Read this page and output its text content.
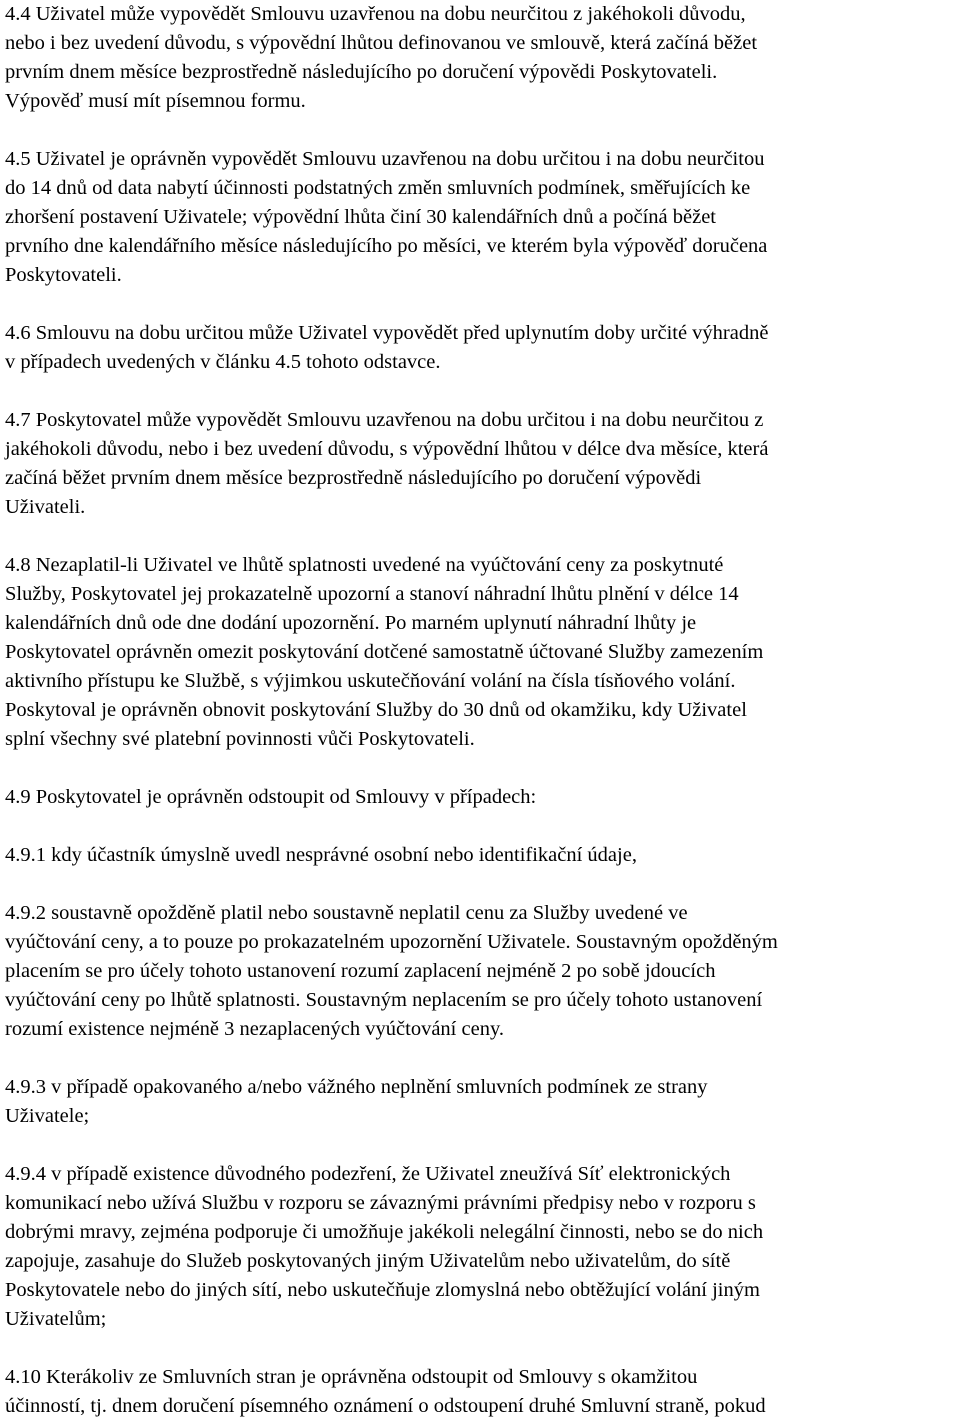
4.4 Uživatel může vypovědět Smlouvu uzavřenou na dobu neurčitou z jakéhokoli důvodu,
nebo i bez uvedení důvodu, s výpovědní lhůtou definovanou ve smlouvě, která začíná běžet
prvním dnem měsíce bezprostředně následujícího po doručení výpovědi Poskytovateli.
Výpověď musí mít písemnou formu.
4.5 Uživatel je oprávněn vypovědět Smlouvu uzavřenou na dobu určitou i na dobu neurčitou
do 14 dnů od data nabytí účinnosti podstatných změn smluvních podmínek, směřujících ke
zhoršení postavení Uživatele; výpovědní lhůta činí 30 kalendářních dnů a počíná běžet
prvního dne kalendářního měsíce následujícího po měsíci, ve kterém byla výpověď doručena
Poskytovateli.
4.6 Smlouvu na dobu určitou může Uživatel vypovědět před uplynutím doby určité výhradně
v případech uvedených v článku 4.5 tohoto odstavce.
4.7 Poskytovatel může vypovědět Smlouvu uzavřenou na dobu určitou i na dobu neurčitou z
jakéhokoli důvodu, nebo i bez uvedení důvodu, s výpovědní lhůtou v délce dva měsíce, která
začíná běžet prvním dnem měsíce bezprostředně následujícího po doručení výpovědi
Uživateli.
4.8 Nezaplatil-li Uživatel ve lhůtě splatnosti uvedené na vyúčtování ceny za poskytnuté
Služby, Poskytovatel jej prokazatelně upozorní a stanoví náhradní lhůtu plnění v délce 14
kalendářních dnů ode dne dodání upozornění. Po marném uplynutí náhradní lhůty je
Poskytovatel oprávněn omezit poskytování dotčené samostatně účtované Služby zamezením
aktivního přístupu ke Službě, s výjimkou uskutečňování volání na čísla tísňového volání.
Poskytoval je oprávněn obnovit poskytování Služby do 30 dnů od okamžiku, kdy Uživatel
splní všechny své platební povinnosti vůči Poskytovateli.
4.9 Poskytovatel je oprávněn odstoupit od Smlouvy v případech:
4.9.1 kdy účastník úmyslně uvedl nesprávné osobní nebo identifikační údaje,
4.9.2 soustavně opožděně platil nebo soustavně neplatil cenu za Služby uvedené ve
vyúčtování ceny, a to pouze po prokazatelném upozornění Uživatele. Soustavným opožděným
placením se pro účely tohoto ustanovení rozumí zaplacení nejméně 2 po sobě jdoucích
vyúčtování ceny po lhůtě splatnosti. Soustavným neplacením se pro účely tohoto ustanovení
rozumí existence nejméně 3 nezaplacených vyúčtování ceny.
4.9.3 v případě opakovaného a/nebo vážného neplnění smluvních podmínek ze strany
Uživatele;
4.9.4 v případě existence důvodného podezření, že Uživatel zneužívá Síť elektronických
komunikací nebo užívá Službu v rozporu se závaznými právními předpisy nebo v rozporu s
dobrými mravy, zejména podporuje či umožňuje jakékoli nelegální činnosti, nebo se do nich
zapojuje, zasahuje do Služeb poskytovaných jiným Uživatelům nebo uživatelům, do sítě
Poskytovatele nebo do jiných sítí, nebo uskutečňuje zlomyslná nebo obtěžující volání jiným
Uživatelům;
4.10 Kterákoliv ze Smluvních stran je oprávněna odstoupit od Smlouvy s okamžitou
účinností, tj. dnem doručení písemného oznámení o odstoupení druhé Smluvní straně, pokud
